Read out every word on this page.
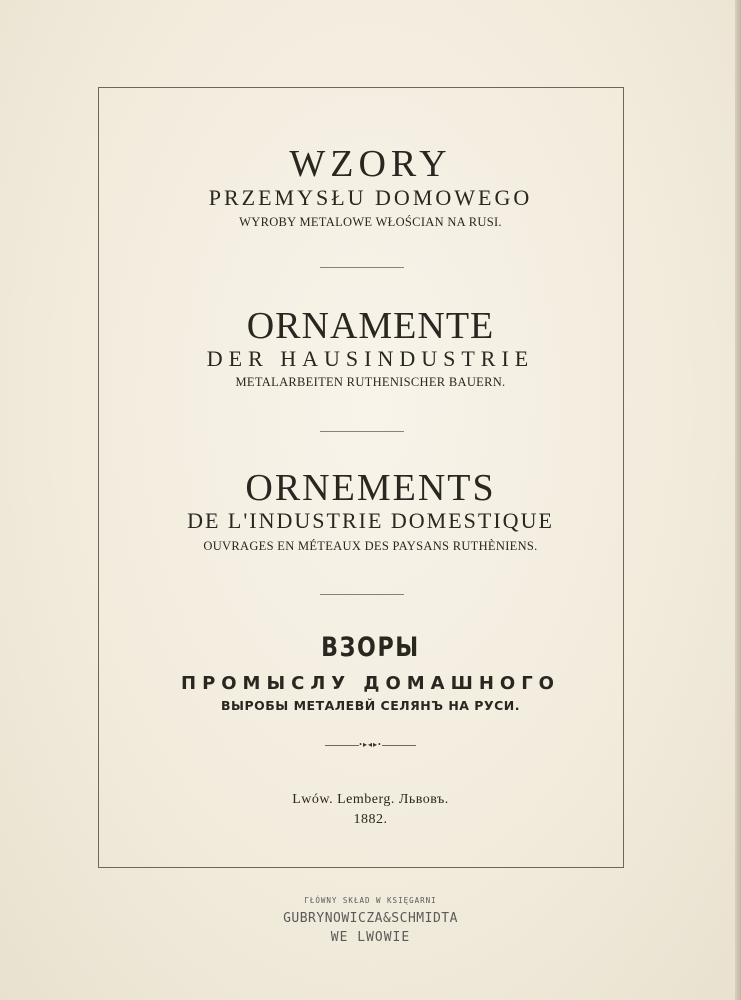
WZORY
PRZEMYSŁU DOMOWEGO
WYROBY METALOWE WŁOŚCIAN NA RUSI.
ORNAMENTE
DER HAUSINDUSTRIE
METALARBEITEN RUTHENISCHER BAUERN.
ORNEMENTS
DE L'INDUSTRIE DOMESTIQUE
OUVRAGES EN MÉTEAUX DES PAYSANS RUTHÈNIENS.
ВЗОРЫ
ПРОМЫСЛУ ДОМАШНОГО
ВЫРОБЫ МЕТАЛЕВЙ СЕЛЯНЪ НА РУСИ.
•▸◂▸•
Lwów. Lemberg. Львовъ.
1882.
ГŁÓWNY SKŁAD W KSIĘGARNI
GUBRYNOWICZA&SCHMIDTA
WE LWOWIE
